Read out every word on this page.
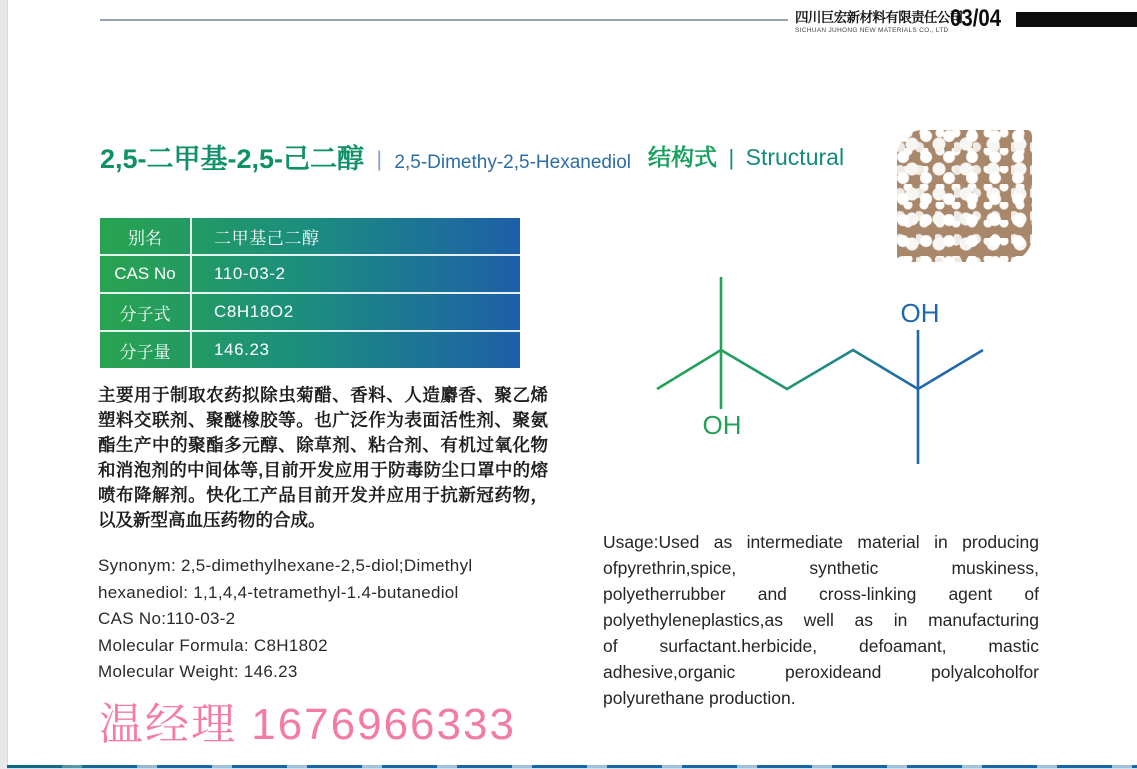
四川巨宏新材料有限责任公司
SICHUAN JUHONG NEW MATERIALS CO., LTD 03/04
2,5-二甲基-2,5-己二醇 | 2,5-Dimethy-2,5-Hexanediol 结构式 | Structural
别名	二甲基己二醇
CAS No	110-03-2
分子式	C8H18O2
分子量	146.23
主要用于制取农药拟除虫菊醋、香料、人造麝香、聚乙烯塑料交联剂、聚醚橡胶等。也广泛作为表面活性剂、聚氨酯生产中的聚酯多元醇、除草剂、粘合剂、有机过氧化物和消泡剂的中间体等,目前开发应用于防毒防尘口罩中的熔喷布降解剂。快化工产品目前开发并应用于抗新冠药物，以及新型高血压药物的合成。
Synonym: 2,5-dimethylhexane-2,5-diol;Dimethyl
hexanediol: 1,1,4,4-tetramethyl-1.4-butanediol
CAS No:110-03-2
Molecular Formula: C8H1802
Molecular Weight: 146.23
温经理 1676966333
Usage:Used as intermediate material in producing
ofpyrethrin,spice, synthetic muskiness,
polyetherrubber and cross-linking agent of
polyethyleneplastics,as well as in manufacturing
of surfactant.herbicide, defoamant, mastic
adhesive,organic peroxideand polyalcoholfor
polyurethane production.
OH
OH
